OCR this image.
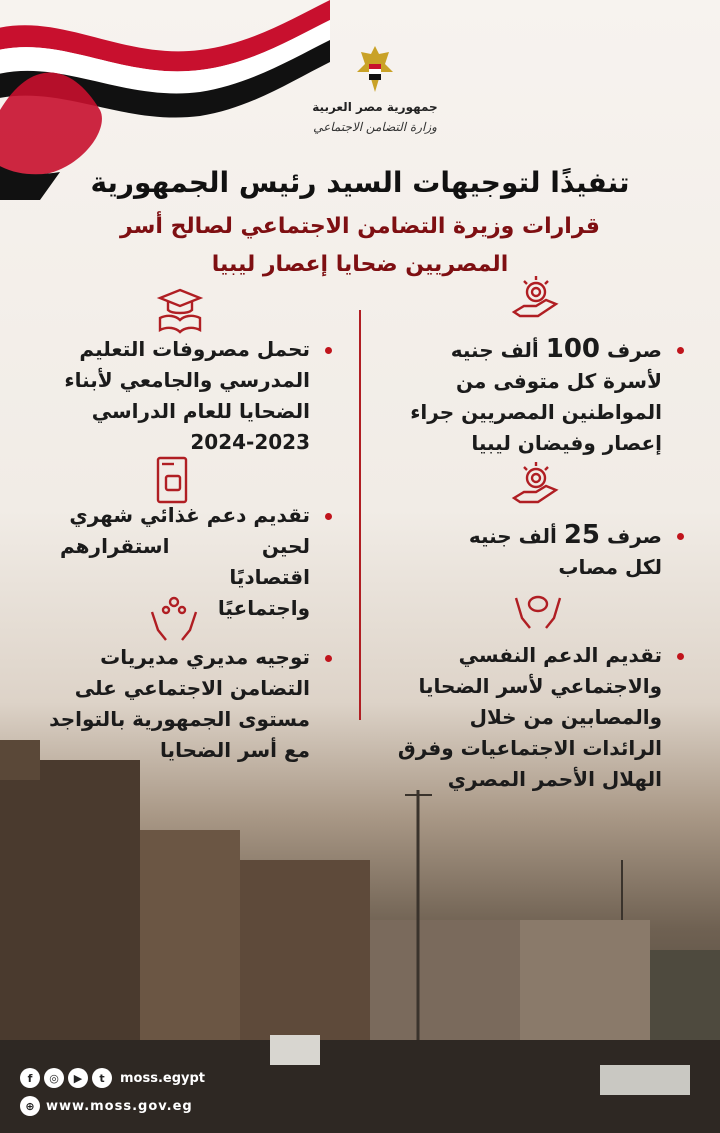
جمهورية مصر العربية
وزارة التضامن الاجتماعي
تنفيذًا لتوجيهات السيد رئيس الجمهورية
قرارات وزيرة التضامن الاجتماعي لصالح أسر
المصريين ضحايا إعصار ليبيا
صرف 100 ألف جنيه
لأسرة كل متوفى من
المواطنين المصريين جراء
إعصار وفيضان ليبيا
صرف 25 ألف جنيه
لكل مصاب
تقديم الدعم النفسي
والاجتماعي لأسر الضحايا
والمصابين من خلال
الرائدات الاجتماعيات وفرق
الهلال الأحمر المصري
تحمل مصروفات التعليم
المدرسي والجامعي لأبناء
الضحايا للعام الدراسي
2024-2023
تقديم دعم غذائي شهري
لحين استقرارهم اقتصاديًا
واجتماعيًا
توجيه مديري مديريات
التضامن الاجتماعي على
مستوى الجمهورية بالتواجد
مع أسر الضحايا
f	◎	▶	t	moss.egypt
⊕ www.moss.gov.eg
